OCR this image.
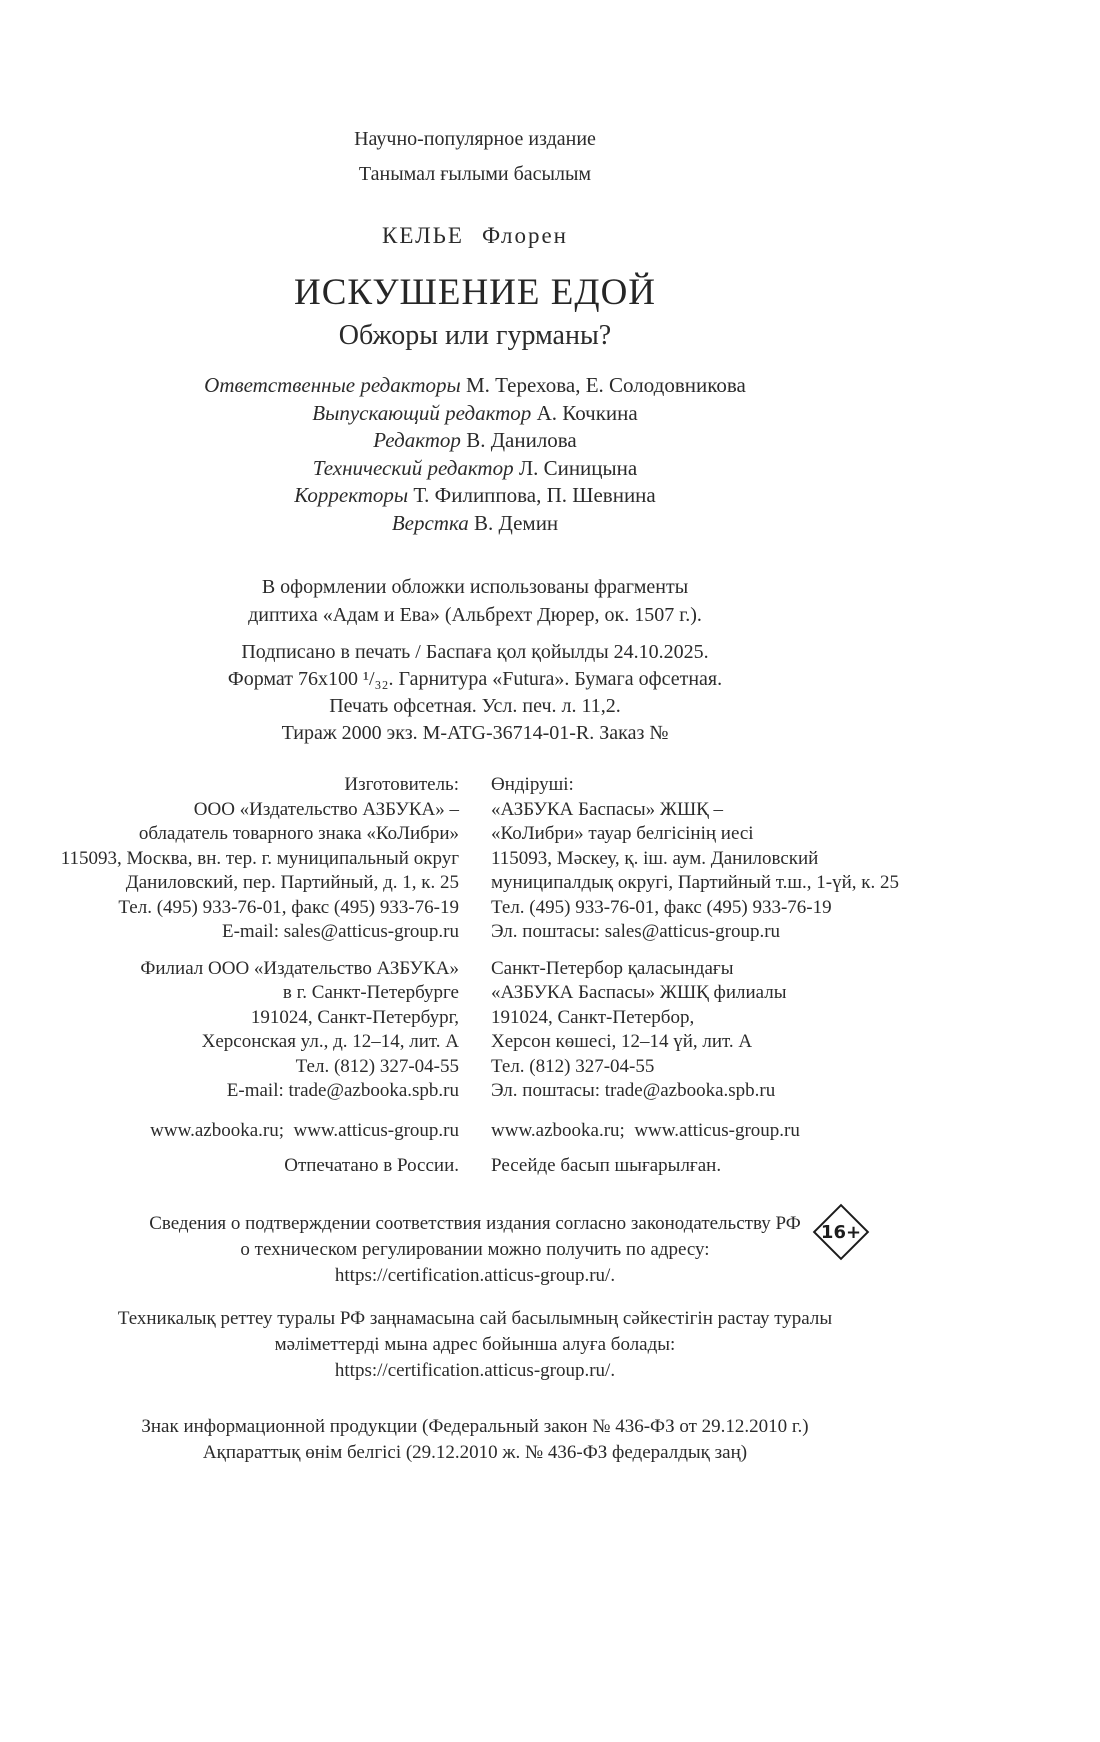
Научно-популярное издание

Танымал ғылыми басылым

КЕЛЬЕ Флорен

ИСКУШЕНИЕ ЕДОЙ
Обжоры или гурманы?

Ответственные редакторы М. Терехова, Е. Солодовникова

Выпускающий редактор А. Кочкина

Редактор В. Данилова

Технический редактор Л. Синицына

Корректоры Т. Филиппова, П. Шевнина

Верстка В. Демин

В оформлении обложки использованы фрагменты

диптиха «Адам и Ева» (Альбрехт Дюрер, ок. 1507 г.).

Подписано в печать / Баспаға қол қойылды 24.10.2025.

Формат 76х100 ¹/₃₂. Гарнитура «Futura». Бумага офсетная.

Печать офсетная. Усл. печ. л. 11,2.

Тираж 2000 экз. M-ATG-36714-01-R. Заказ №

Изготовитель:

ООО «Издательство АЗБУКА» –

обладатель товарного знака «КоЛибри»

115093, Москва, вн. тер. г. муниципальный округ

Даниловский, пер. Партийный, д. 1, к. 25

Тел. (495) 933-76-01, факс (495) 933-76-19

E-mail: sales@atticus-group.ru

Филиал ООО «Издательство АЗБУКА»

в г. Санкт-Петербурге

191024, Санкт-Петербург,

Херсонская ул., д. 12–14, лит. А

Тел. (812) 327-04-55

E-mail: trade@azbooka.spb.ru

www.azbooka.ru;  www.atticus-group.ru

Отпечатано в России.

Өндіруші:

«АЗБУКА Баспасы» ЖШҚ –

«КоЛибри» тауар белгісінің иесі

115093, Мәскеу, қ. іш. аум. Даниловский

муниципалдық округі, Партийный т.ш., 1-үй, к. 25

Тел. (495) 933-76-01, факс (495) 933-76-19

Эл. поштасы: sales@atticus-group.ru

Санкт-Петербор қаласындағы

«АЗБУКА Баспасы» ЖШҚ филиалы

191024, Санкт-Петербор,

Херсон көшесі, 12–14 үй, лит. А

Тел. (812) 327-04-55

Эл. поштасы: trade@azbooka.spb.ru

www.azbooka.ru;  www.atticus-group.ru

Ресейде басып шығарылған.

Сведения о подтверждении соответствия издания согласно законодательству РФ

о техническом регулировании можно получить по адресу:

https://certification.atticus-group.ru/.

Техникалық реттеу туралы РФ заңнамасына сай басылымның сәйкестігін растау туралы

мәліметтерді мына адрес бойынша алуға болады:

https://certification.atticus-group.ru/.

Знак информационной продукции (Федеральный закон № 436-ФЗ от 29.12.2010 г.)

Ақпараттық өнім белгісі (29.12.2010 ж. № 436-ФЗ федералдық заң)

16+
